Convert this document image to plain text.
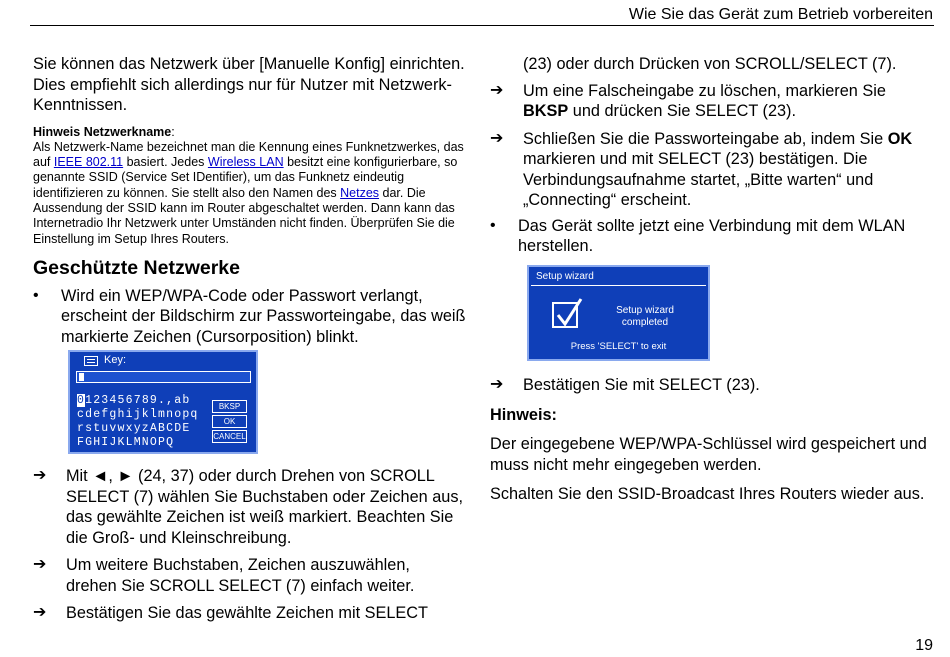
Wie Sie das Gerät zum Betrieb vorbereiten

Sie können das Netzwerk über [Manuelle Konfig] einrichten. Dies empfiehlt sich allerdings nur für Nutzer mit Netzwerk-Kenntnissen.

Hinweis Netzwerkname:
Als Netzwerk-Name bezeichnet man die Kennung eines Funknetzwerkes, das auf IEEE 802.11 basiert. Jedes Wireless LAN besitzt eine konfigurierbare, so genannte SSID (Service Set IDentifier), um das Funknetz eindeutig identifizieren zu können. Sie stellt also den Namen des Netzes dar. Die Aussendung der SSID kann im Router abgeschaltet werden. Dann kann das Internetradio Ihr Netzwerk unter Umständen nicht finden. Überprüfen Sie die Einstellung im Setup Ihres Routers.

Geschützte Netzwerke
• Wird ein WEP/WPA-Code oder Passwort verlangt, erscheint der Bildschirm zur Passworteingabe, das weiß markierte Zeichen (Cursorposition) blinkt.

Key:
0123456789.,ab
cdefghijklmnopq
rstuvwxyzABCDE
FGHIJKLMNOPQ
BKSP
OK
CANCEL
➔ Mit ◄, ► (24, 37) oder durch Drehen von SCROLL SELECT (7) wählen Sie Buchstaben oder Zeichen aus, das gewählte Zeichen ist weiß markiert. Beachten Sie die Groß- und Kleinschreibung.

➔ Um weitere Buchstaben, Zeichen auszuwählen, drehen Sie SCROLL SELECT (7) einfach weiter.

➔ Bestätigen Sie das gewählte Zeichen mit SELECT

(23) oder durch Drücken von SCROLL/SELECT (7).

➔ Um eine Falscheingabe zu löschen, markieren Sie BKSP und drücken Sie SELECT (23).

➔ Schließen Sie die Passworteingabe ab, indem Sie OK markieren und mit SELECT (23) bestätigen. Die Verbindungsaufnahme startet, „Bitte warten“ und „Connecting“ erscheint.

• Das Gerät sollte jetzt eine Verbindung mit dem WLAN herstellen.

Setup wizard
Setup wizard
completed
Press 'SELECT' to exit
➔ Bestätigen Sie mit SELECT (23).

Hinweis:

Der eingegebene WEP/WPA-Schlüssel wird gespeichert und muss nicht mehr eingegeben werden.

Schalten Sie den SSID-Broadcast Ihres Routers wieder aus.

19
